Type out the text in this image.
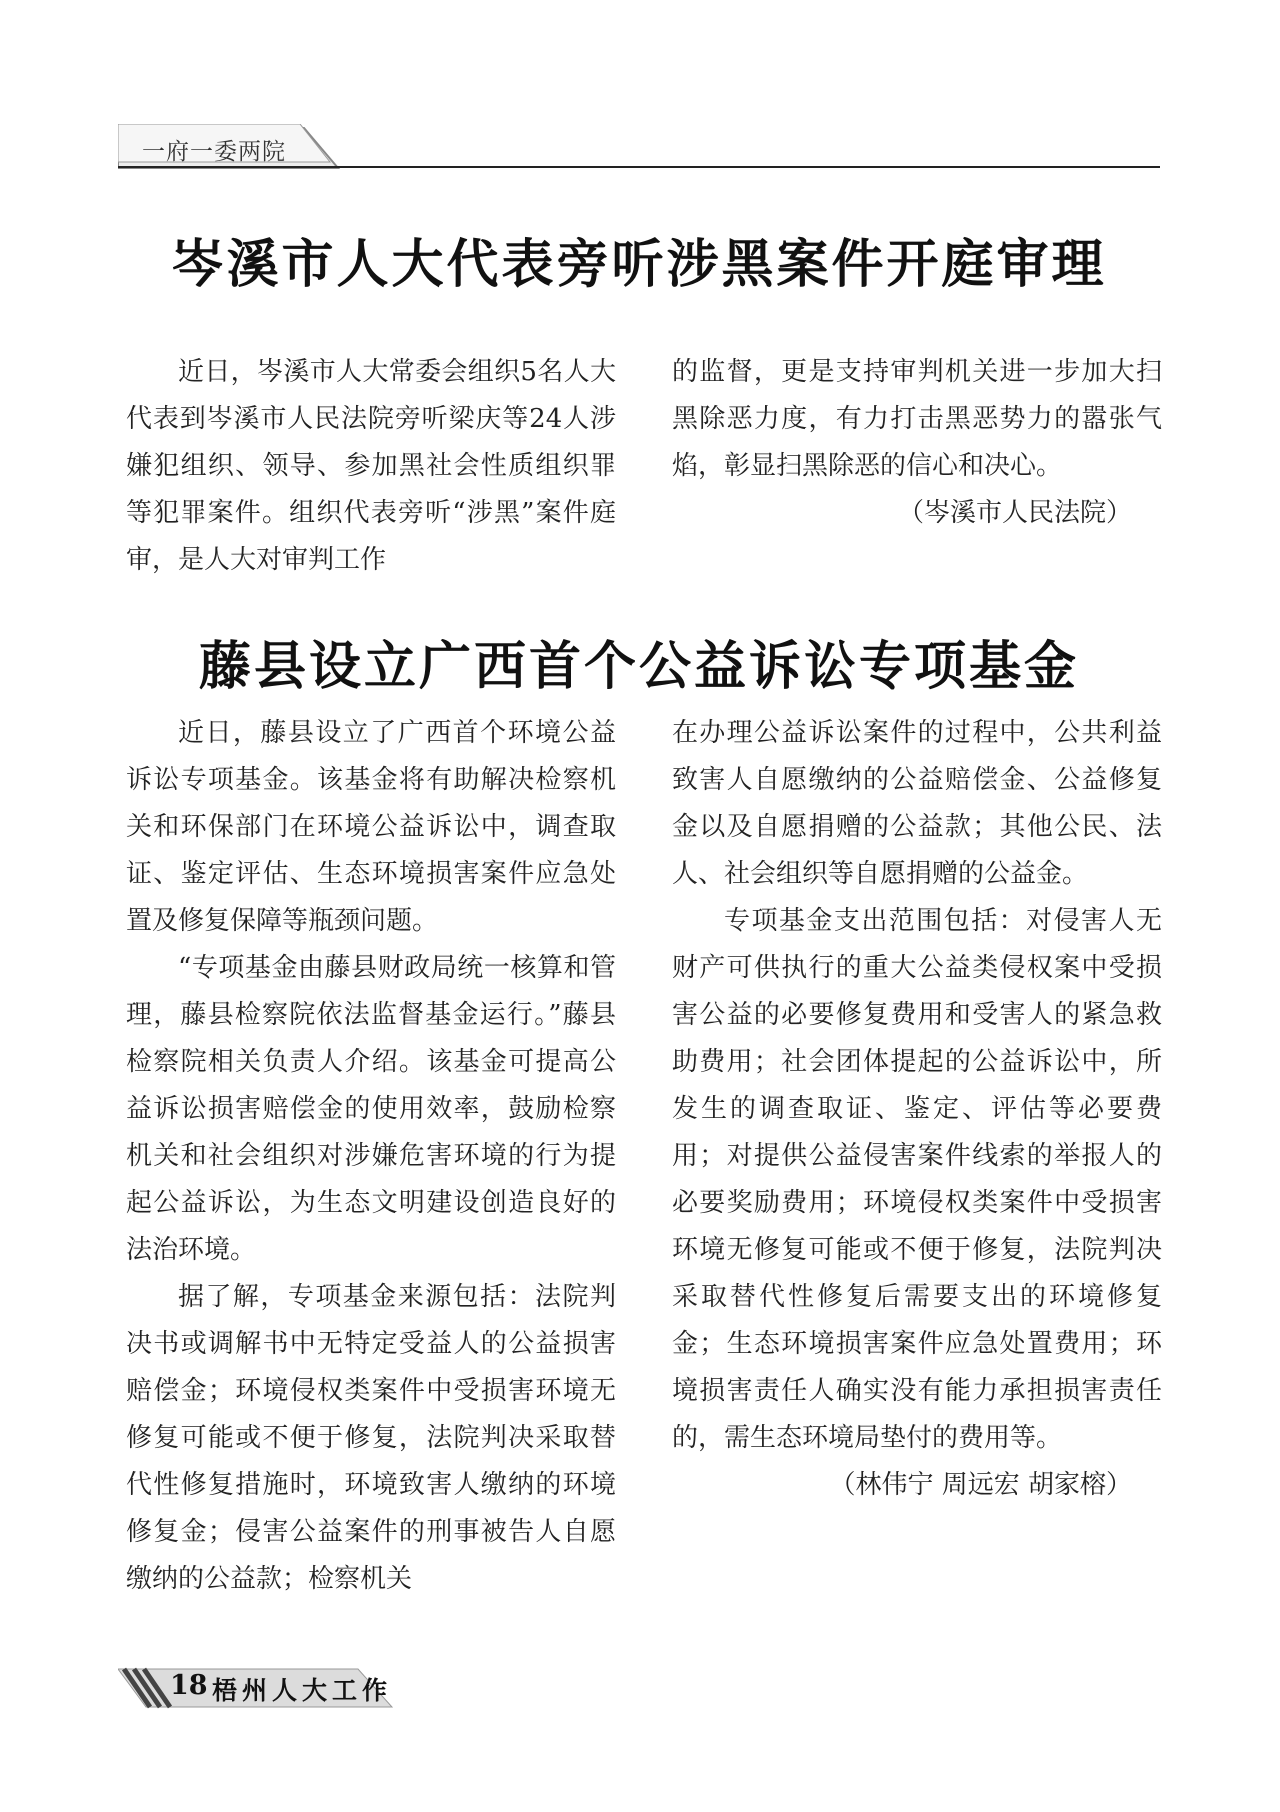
一府一委两院
岑溪市人大代表旁听涉黑案件开庭审理

近日，岑溪市人大常委会组织5名人大代表到岑溪市人民法院旁听梁庆等24人涉嫌犯组织、领导、参加黑社会性质组织罪等犯罪案件。组织代表旁听“涉黑”案件庭审，是人大对审判工作

的监督，更是支持审判机关进一步加大扫黑除恶力度，有力打击黑恶势力的嚣张气焰，彰显扫黑除恶的信心和决心。

（岑溪市人民法院）

藤县设立广西首个公益诉讼专项基金

近日，藤县设立了广西首个环境公益诉讼专项基金。该基金将有助解决检察机关和环保部门在环境公益诉讼中，调查取证、鉴定评估、生态环境损害案件应急处置及修复保障等瓶颈问题。

“专项基金由藤县财政局统一核算和管理，藤县检察院依法监督基金运行。”藤县检察院相关负责人介绍。该基金可提高公益诉讼损害赔偿金的使用效率，鼓励检察机关和社会组织对涉嫌危害环境的行为提起公益诉讼，为生态文明建设创造良好的法治环境。

据了解，专项基金来源包括：法院判决书或调解书中无特定受益人的公益损害赔偿金；环境侵权类案件中受损害环境无修复可能或不便于修复，法院判决采取替代性修复措施时，环境致害人缴纳的环境修复金；侵害公益案件的刑事被告人自愿缴纳的公益款；检察机关

在办理公益诉讼案件的过程中，公共利益致害人自愿缴纳的公益赔偿金、公益修复金以及自愿捐赠的公益款；其他公民、法人、社会组织等自愿捐赠的公益金。

专项基金支出范围包括：对侵害人无财产可供执行的重大公益类侵权案中受损害公益的必要修复费用和受害人的紧急救助费用；社会团体提起的公益诉讼中，所发生的调查取证、鉴定、评估等必要费用；对提供公益侵害案件线索的举报人的必要奖励费用；环境侵权类案件中受损害环境无修复可能或不便于修复，法院判决采取替代性修复后需要支出的环境修复金；生态环境损害案件应急处置费用；环境损害责任人确实没有能力承担损害责任的，需生态环境局垫付的费用等。

（林伟宁 周远宏 胡家榕）

18 梧州人大工作
